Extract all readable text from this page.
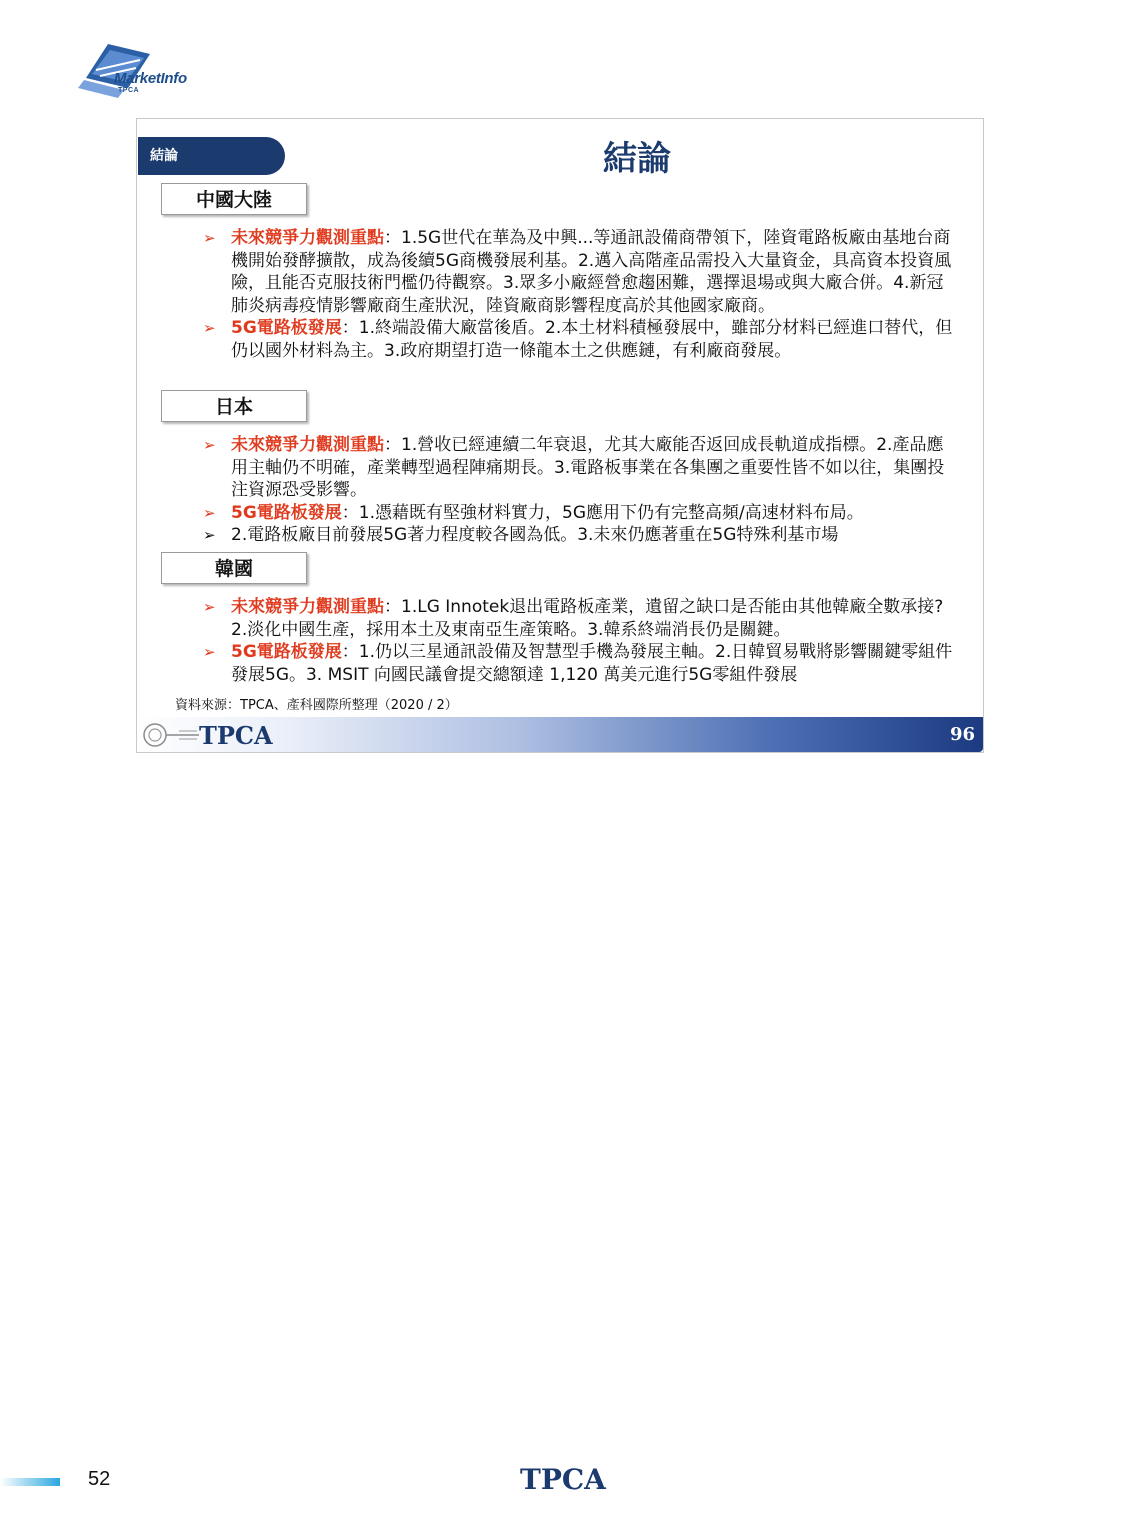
MarketInfo
TPCA
結論	結論
中國大陸
➢ 未來競爭力觀測重點：1.5G世代在華為及中興...等通訊設備商帶領下，陸資電路板廠由基地台商機開始發酵擴散，成為後續5G商機發展利基。2.邁入高階產品需投入大量資金，具高資本投資風險，且能否克服技術門檻仍待觀察。3.眾多小廠經營愈趨困難，選擇退場或與大廠合併。4.新冠肺炎病毒疫情影響廠商生產狀況，陸資廠商影響程度高於其他國家廠商。
➢ 5G電路板發展：1.終端設備大廠當後盾。2.本土材料積極發展中，雖部分材料已經進口替代，但仍以國外材料為主。3.政府期望打造一條龍本土之供應鏈，有利廠商發展。
日本
➢ 未來競爭力觀測重點：1.營收已經連續二年衰退，尤其大廠能否返回成長軌道成指標。2.產品應用主軸仍不明確，產業轉型過程陣痛期長。3.電路板事業在各集團之重要性皆不如以往，集團投注資源恐受影響。
➢ 5G電路板發展：1.憑藉既有堅強材料實力，5G應用下仍有完整高頻/高速材料布局。
➢ 2.電路板廠目前發展5G著力程度較各國為低。3.未來仍應著重在5G特殊利基市場
韓國
➢ 未來競爭力觀測重點：1.LG Innotek退出電路板產業，遺留之缺口是否能由其他韓廠全數承接? 2.淡化中國生產，採用本土及東南亞生產策略。3.韓系終端消長仍是關鍵。
➢ 5G電路板發展：1.仍以三星通訊設備及智慧型手機為發展主軸。2.日韓貿易戰將影響關鍵零組件發展5G。3. MSIT 向國民議會提交總額達 1,120 萬美元進行5G零組件發展
資料來源：TPCA、產科國際所整理（2020 / 2）
TPCA	96
52	TPCA
